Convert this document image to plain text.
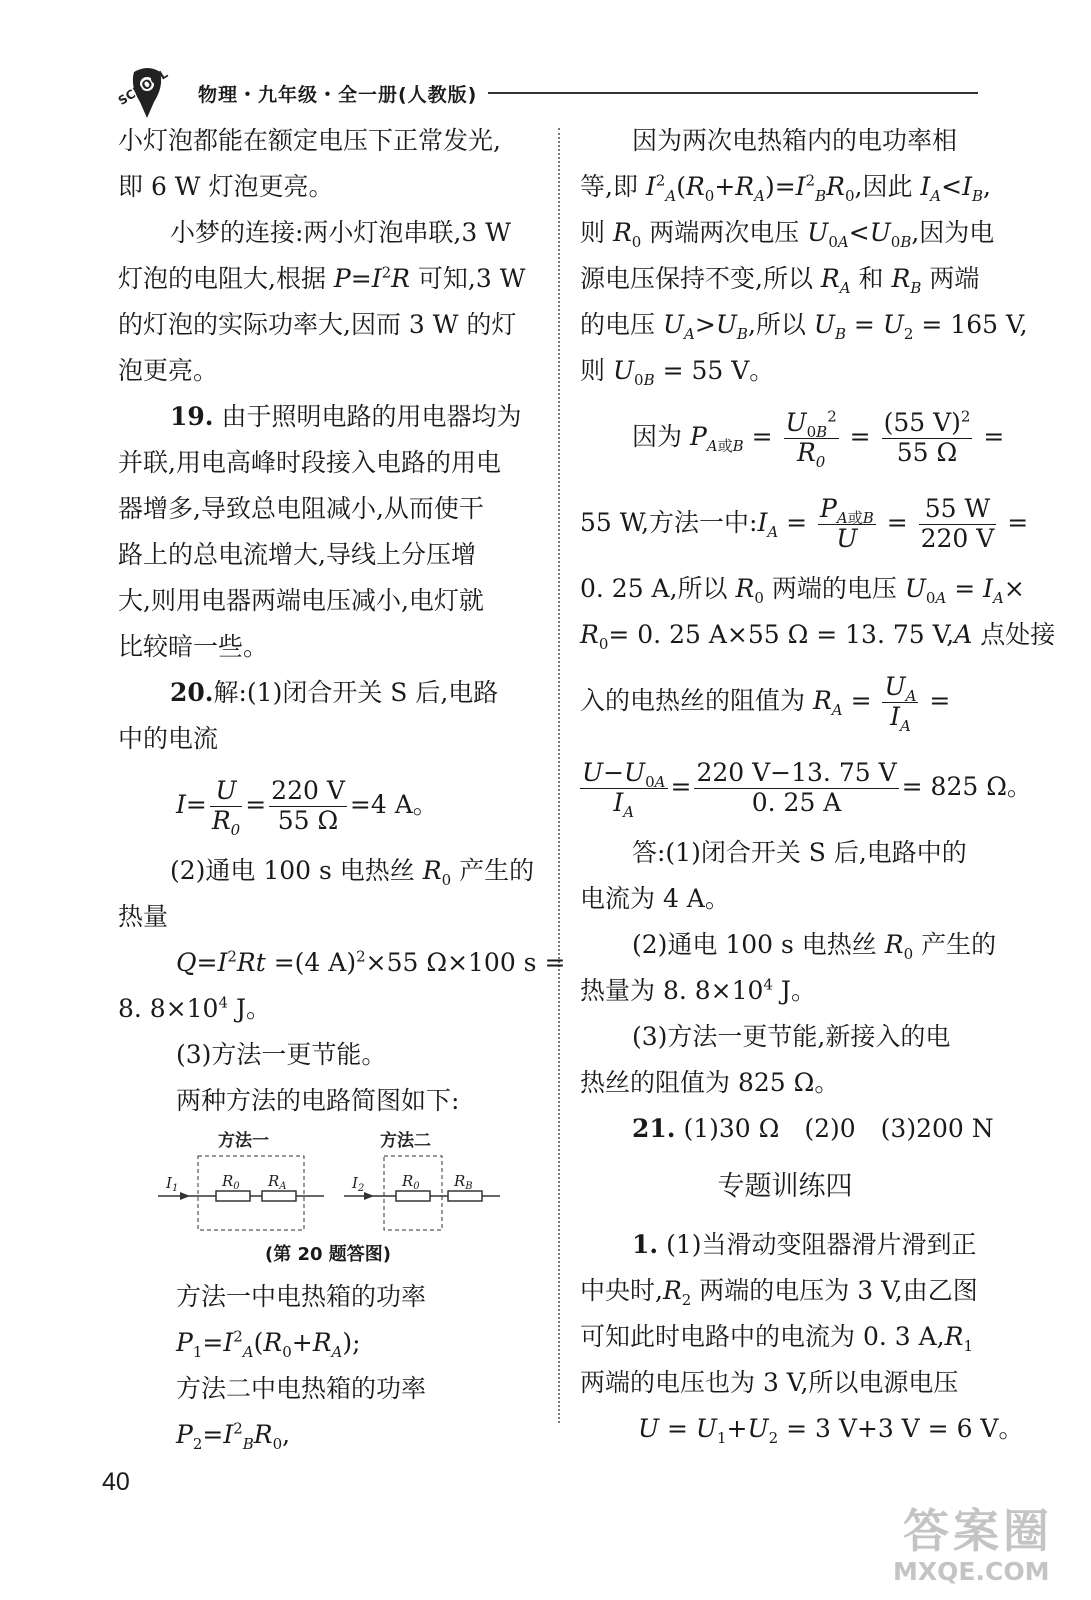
SCHOOL 物理・九年级・全一册(人教版)
小灯泡都能在额定电压下正常发光,
即 6 W 灯泡更亮。
小梦的连接:两小灯泡串联,3 W
灯泡的电阻大,根据 $P=I^2R$ 可知,3 W
的灯泡的实际功率大,因而 3 W 的灯
泡更亮。
19. 由于照明电路的用电器均为
并联,用电高峰时段接入电路的用电
器增多,导致总电阻减小,从而使干
路上的总电流增大,导线上分压增
大,则用电器两端电压减小,电灯就
比较暗一些。
20.解:(1)闭合开关 S 后,电路
中的电流
$I= \frac{U}{R_0} = \frac{220 V}{55 \Omega} =4$ A。
(2)通电 100 s 电热丝 $R_0$ 产生的
热量
$Q=I^2Rt =(4$ A)$^2$×55 Ω×100 s =
8. $8\times 10^4$ J。
(3)方法一更节能。
两种方法的电路简图如下:
方法一
$I_1$	$R_0$ $R_A$
方法二
$I_2$	$R_0$ $R_B$
(第 20 题答图)
方法一中电热箱的功率
$P_1=I^2_A(R_0+R_A)$;
方法二中电热箱的功率
$P_2=I^2_BR_0$,
因为两次电热箱内的电功率相
等,即 $I^2_A(R_0+R_A)=I^2_BR_0$,因此 $I_A<I_B$,
则 $R_0$ 两端两次电压 $U_{0A}<U_{0B}$,因为电
源电压保持不变,所以 $R_A$ 和 $R_B$ 两端
的电压 $U_A>U_B$,所以 $U_B = U_2 = 165$ V,
则 $U_{0B} = 55$ V。
因为 $P_{A或B} = \frac{U_{0B}^2}{R_0} = \frac{(55 V)^2}{55 \Omega}$ =
55 W,方法一中$:I_A = \frac{P_{A或B}}{U} = \frac{55 W}{220 V}$ =
0. 25 A,所以 $R_0$ 两端的电压 $U_{0A} = I_A\times$
$R_0= 0$. 25 A×55 Ω = 13. 75 V,A 点处接
入的电热丝的阻值为 $R_A = \frac{U_A}{I_A}$ =
$\frac{U-U_{0A}}{I_A} = \frac{220 V-13. 75 V}{0. 25 A} = 825$ Ω。
答:(1)闭合开关 S 后,电路中的
电流为 4 A。
(2)通电 100 s 电热丝 $R_0$ 产生的
热量为 8. $8\times 10^4$ J。
(3)方法一更节能,新接入的电
热丝的阻值为 825 Ω。
21. (1)30 Ω　(2)0　(3)200 N
专题训练四
1. (1)当滑动变阻器滑片滑到正
中央时$,R_2$ 两端的电压为 3 V,由乙图
可知此时电路中的电流为 0. 3 $A,R_1$
两端的电压也为 3 V,所以电源电压
$U = U_1+U_2 = 3$ V+3 V = 6 V。
40
答案圈
MXQE.COM
